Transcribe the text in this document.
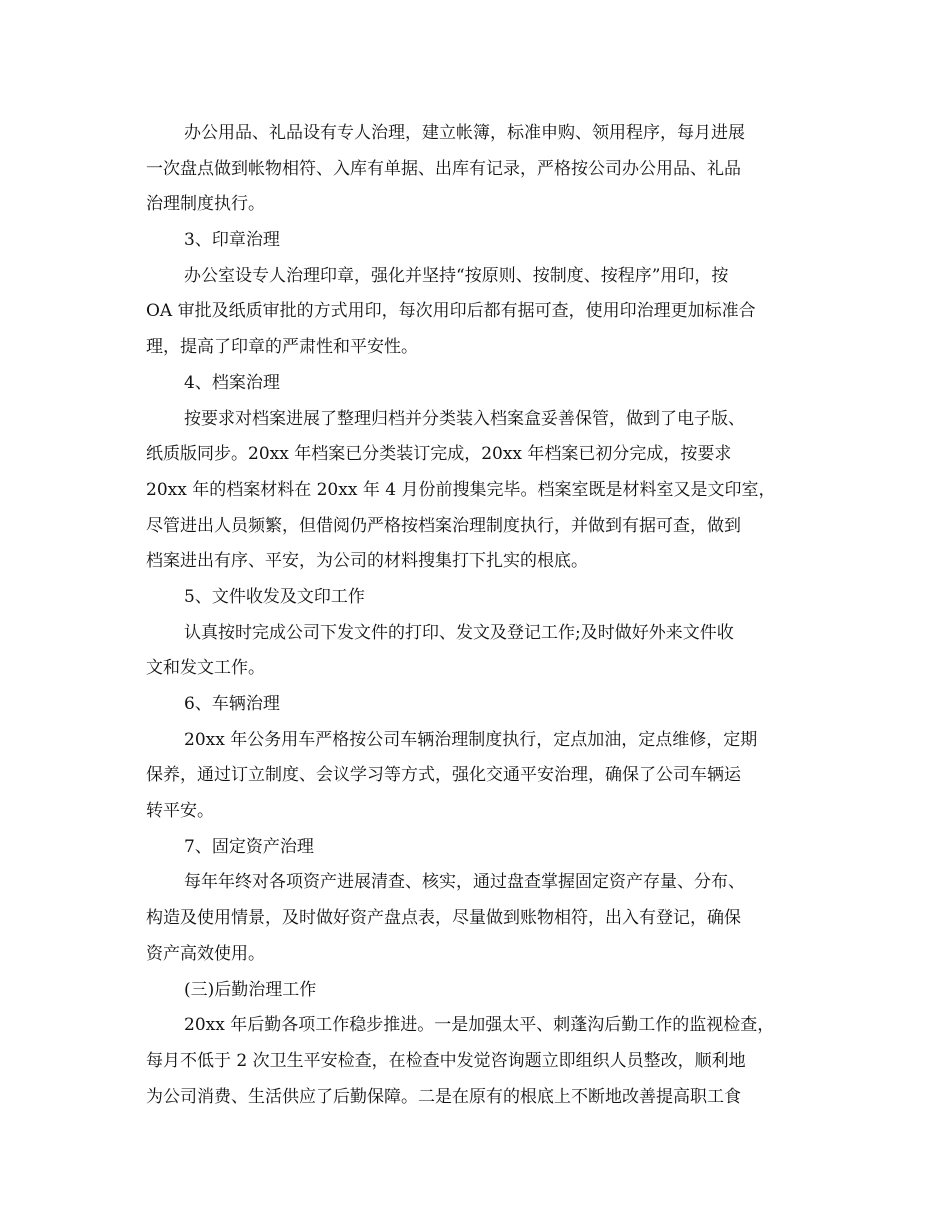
办公用品、礼品设有专人治理，建立帐簿，标准申购、领用程序，每月进展
一次盘点做到帐物相符、入库有单据、出库有记录，严格按公司办公用品、礼品
治理制度执行。
3、印章治理
办公室设专人治理印章，强化并坚持“按原则、按制度、按程序”用印，按
OA 审批及纸质审批的方式用印，每次用印后都有据可查，使用印治理更加标准合
理，提高了印章的严肃性和平安性。
4、档案治理
按要求对档案进展了整理归档并分类装入档案盒妥善保管，做到了电子版、
纸质版同步。20xx 年档案已分类装订完成，20xx 年档案已初分完成，按要求
20xx 年的档案材料在 20xx 年 4 月份前搜集完毕。档案室既是材料室又是文印室，
尽管进出人员频繁，但借阅仍严格按档案治理制度执行，并做到有据可查，做到
档案进出有序、平安，为公司的材料搜集打下扎实的根底。
5、文件收发及文印工作
认真按时完成公司下发文件的打印、发文及登记工作;及时做好外来文件收
文和发文工作。
6、车辆治理
20xx 年公务用车严格按公司车辆治理制度执行，定点加油，定点维修，定期
保养，通过订立制度、会议学习等方式，强化交通平安治理，确保了公司车辆运
转平安。
7、固定资产治理
每年年终对各项资产进展清查、核实，通过盘查掌握固定资产存量、分布、
构造及使用情景，及时做好资产盘点表，尽量做到账物相符，出入有登记，确保
资产高效使用。
(三)后勤治理工作
20xx 年后勤各项工作稳步推进。一是加强太平、刺蓬沟后勤工作的监视检查，
每月不低于 2 次卫生平安检查，在检查中发觉咨询题立即组织人员整改，顺利地
为公司消费、生活供应了后勤保障。二是在原有的根底上不断地改善提高职工食
